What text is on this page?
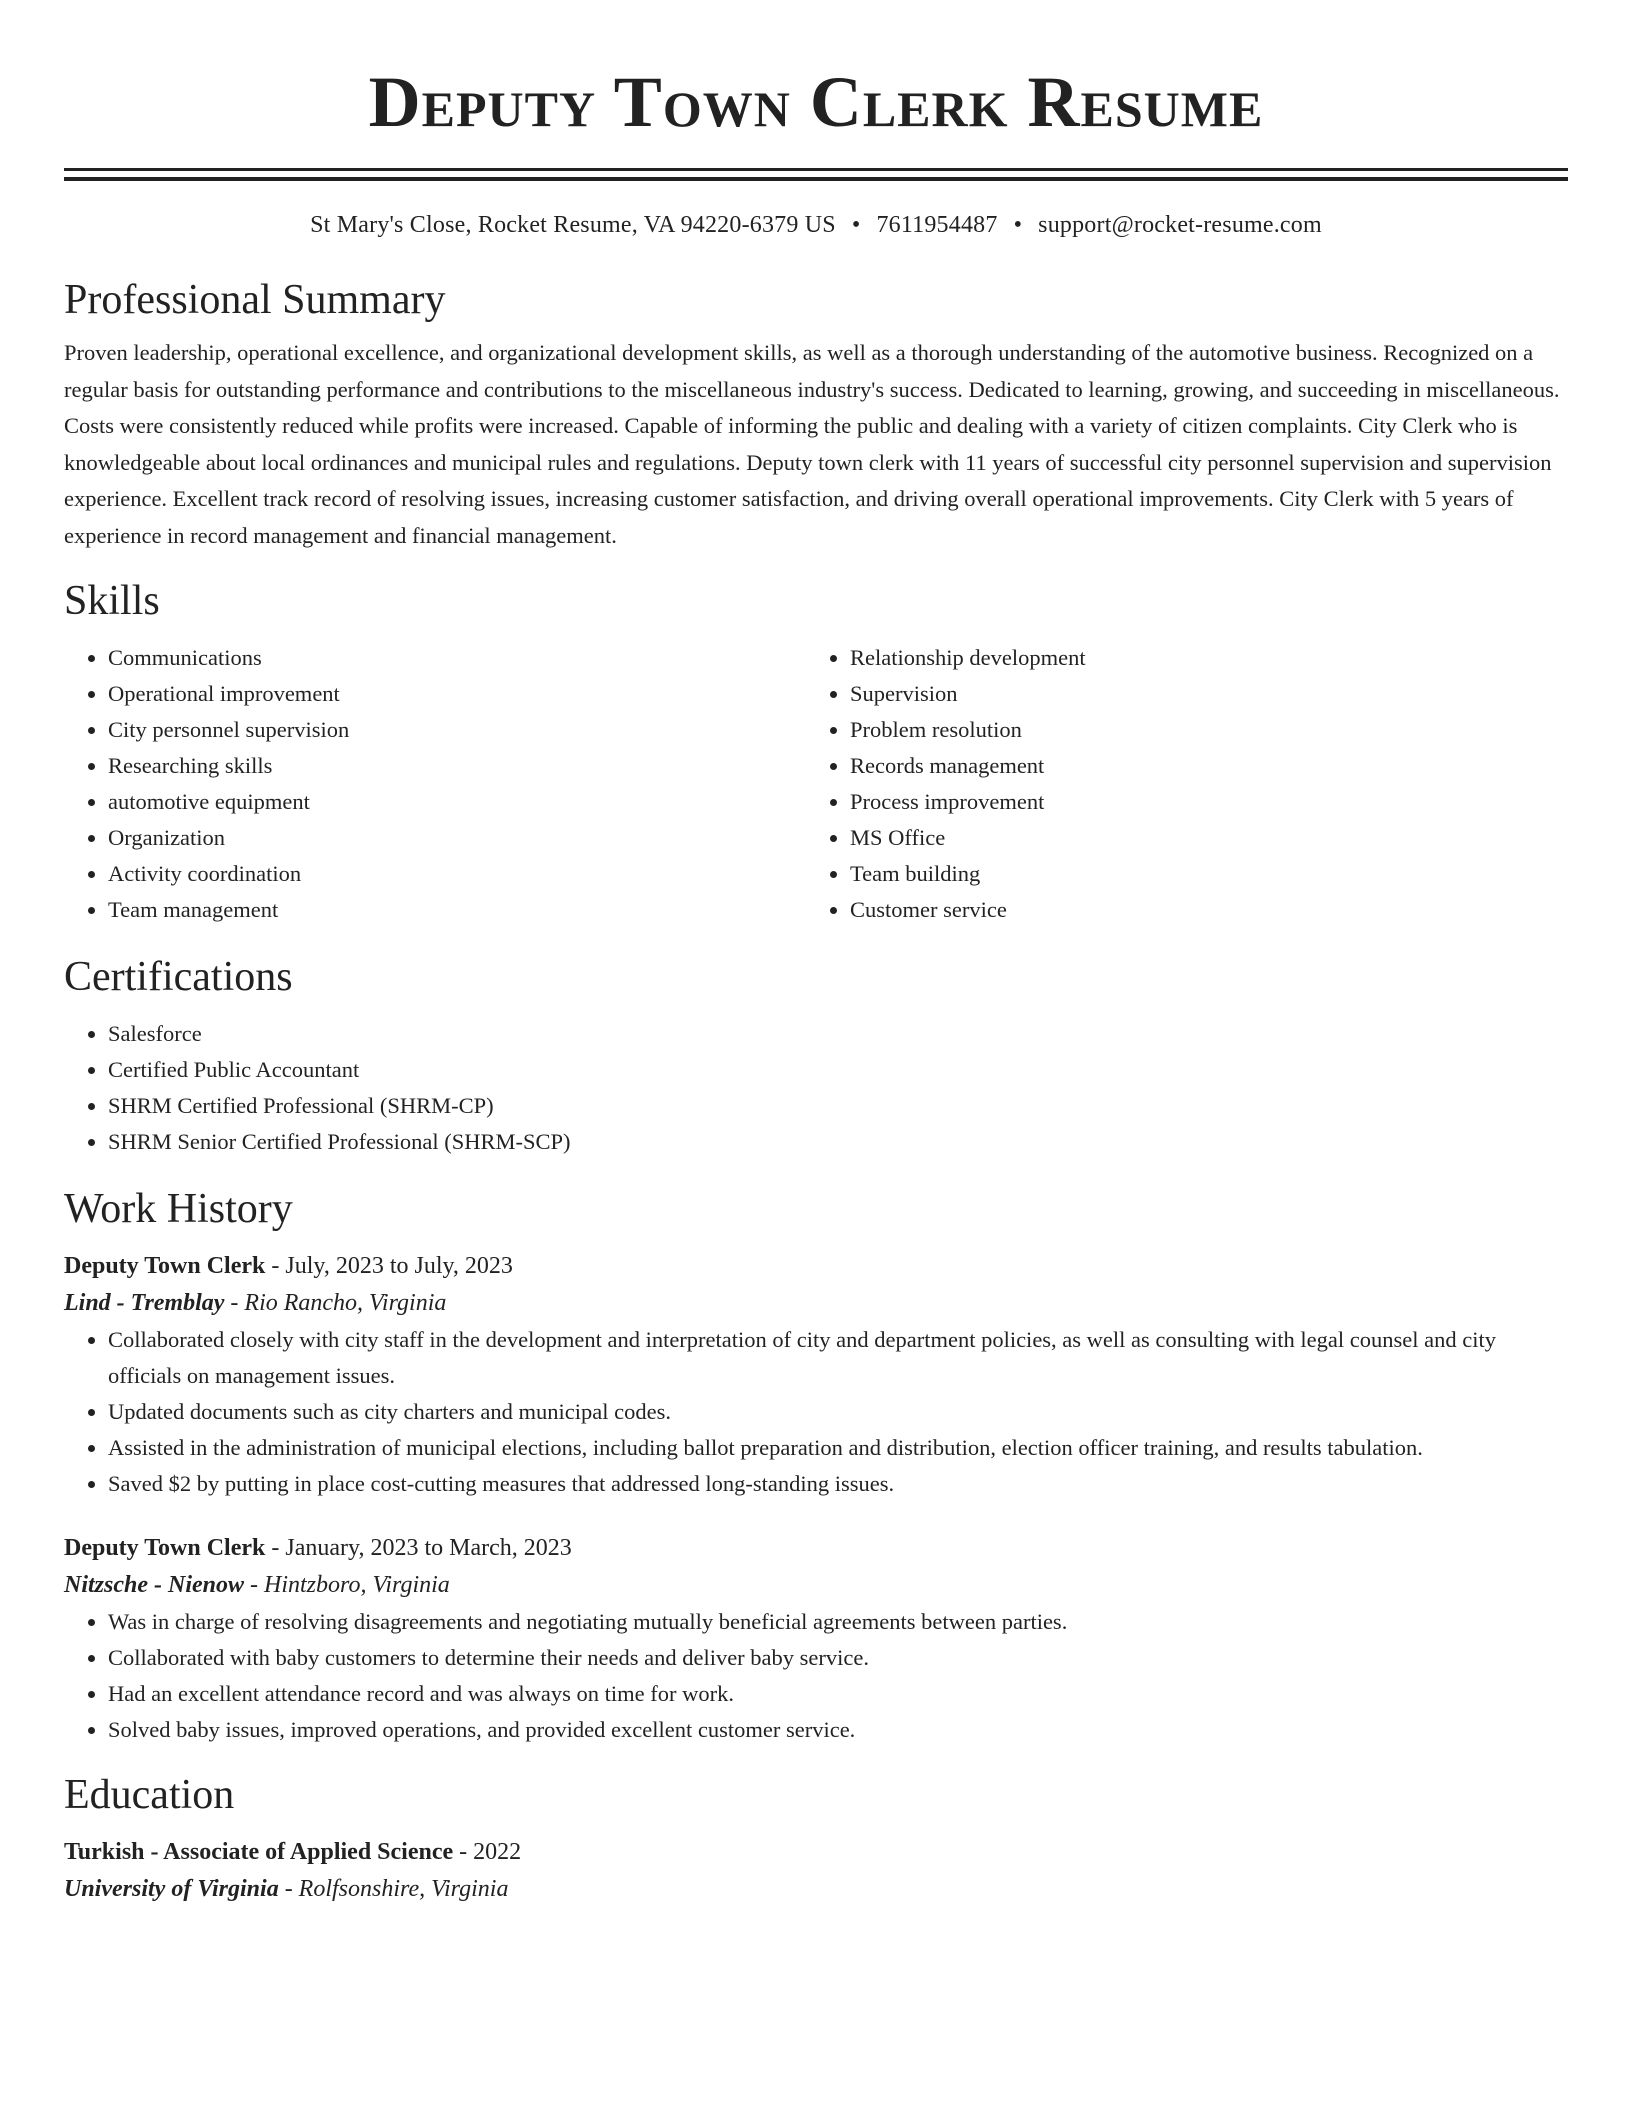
Deputy Town Clerk Resume
St Mary's Close, Rocket Resume, VA 94220-6379 US • 7611954487 • support@rocket-resume.com
Professional Summary

Proven leadership, operational excellence, and organizational development skills, as well as a thorough understanding of the automotive business. Recognized on a regular basis for outstanding performance and contributions to the miscellaneous industry's success. Dedicated to learning, growing, and succeeding in miscellaneous. Costs were consistently reduced while profits were increased. Capable of informing the public and dealing with a variety of citizen complaints. City Clerk who is knowledgeable about local ordinances and municipal rules and regulations. Deputy town clerk with 11 years of successful city personnel supervision and supervision experience. Excellent track record of resolving issues, increasing customer satisfaction, and driving overall operational improvements. City Clerk with 5 years of experience in record management and financial management.

Skills
• Communications
• Operational improvement
• City personnel supervision
• Researching skills
• automotive equipment
• Organization
• Activity coordination
• Team management
• Relationship development
• Supervision
• Problem resolution
• Records management
• Process improvement
• MS Office
• Team building
• Customer service
Certifications
• Salesforce
• Certified Public Accountant
• SHRM Certified Professional (SHRM-CP)
• SHRM Senior Certified Professional (SHRM-SCP)
Work History
Deputy Town Clerk - July, 2023 to July, 2023
Lind - Tremblay - Rio Rancho, Virginia
• Collaborated closely with city staff in the development and interpretation of city and department policies, as well as consulting with legal counsel and city officials on management issues.
• Updated documents such as city charters and municipal codes.
• Assisted in the administration of municipal elections, including ballot preparation and distribution, election officer training, and results tabulation.
• Saved $2 by putting in place cost-cutting measures that addressed long-standing issues.
Deputy Town Clerk - January, 2023 to March, 2023
Nitzsche - Nienow - Hintzboro, Virginia
• Was in charge of resolving disagreements and negotiating mutually beneficial agreements between parties.
• Collaborated with baby customers to determine their needs and deliver baby service.
• Had an excellent attendance record and was always on time for work.
• Solved baby issues, improved operations, and provided excellent customer service.
Education
Turkish - Associate of Applied Science - 2022
University of Virginia - Rolfsonshire, Virginia
